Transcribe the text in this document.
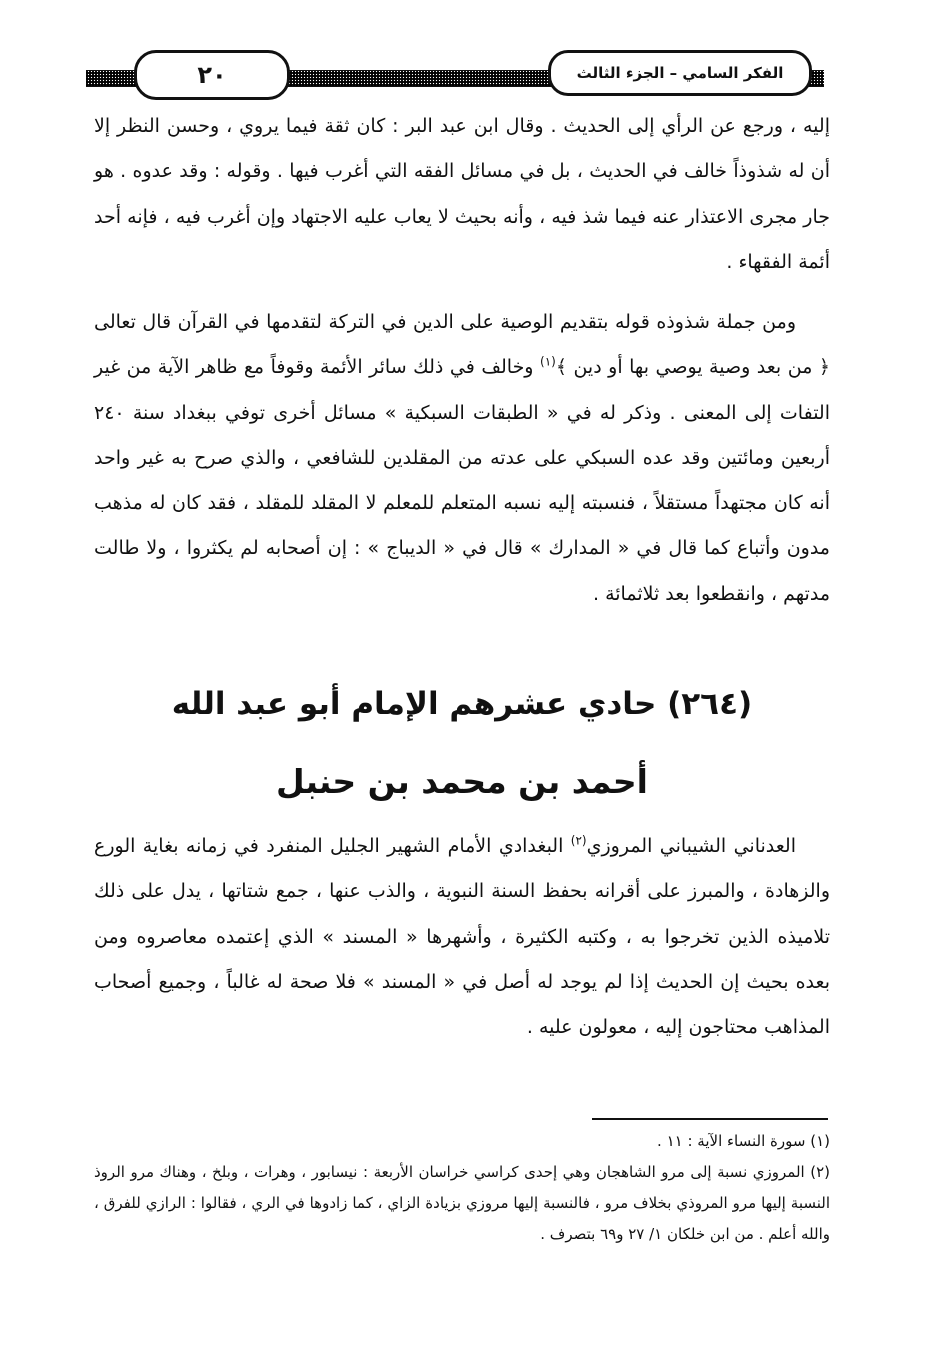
٢٠	الفكر السامي – الجزء الثالث

إليه ، ورجع عن الرأي إلى الحديث . وقال ابن عبد البر : كان ثقة فيما يروي ، وحسن النظر إلا أن له شذوذاً خالف في الحديث ، بل في مسائل الفقه التي أغرب فيها . وقوله : وقد عدوه . هو جار مجرى الاعتذار عنه فيما شذ فيه ، وأنه بحيث لا يعاب عليه الاجتهاد وإن أغرب فيه ، فإنه أحد أئمة الفقهاء .

ومن جملة شذوذه قوله بتقديم الوصية على الدين في التركة لتقدمها في القرآن قال تعالى ﴿ من بعد وصية يوصي بها أو دين ﴾$^{(١)}$ وخالف في ذلك سائر الأئمة وقوفاً مع ظاهر الآية من غير التفات إلى المعنى . وذكر له في « الطبقات السبكية » مسائل أخرى توفي ببغداد سنة ٢٤٠ أربعين ومائتين وقد عده السبكي على عدته من المقلدين للشافعي ، والذي صرح به غير واحد أنه كان مجتهداً مستقلاً ، فنسبته إليه نسبه المتعلم للمعلم لا المقلد للمقلد ، فقد كان له مذهب مدون وأتباع كما قال في « المدارك » قال في « الديباج » : إن أصحابه لم يكثروا ، ولا طالت مدتهم ، وانقطعوا بعد ثلاثمائة .

(٢٦٤) حادي عشرهم الإمام أبو عبد الله
أحمد بن محمد بن حنبل

العدناني الشيباني المروزي$^{(٢)}$ البغدادي الأمام الشهير الجليل المنفرد في زمانه بغاية الورع والزهادة ، والمبرز على أقرانه بحفظ السنة النبوية ، والذب عنها ، جمع شتاتها ، يدل على ذلك تلاميذه الذين تخرجوا به ، وكتبه الكثيرة ، وأشهرها « المسند » الذي إعتمده معاصروه ومن بعده بحيث إن الحديث إذا لم يوجد له أصل في « المسند » فلا صحة له غالباً ، وجميع أصحاب المذاهب محتاجون إليه ، معولون عليه .

(١) سورة النساء الآية : ١١ .

(٢) المروزي نسبة إلى مرو الشاهجان وهي إحدى كراسي خراسان الأربعة : نيسابور ، وهرات ، وبلخ ، وهناك مرو الروذ النسبة إليها مرو المروذي بخلاف مرو ، فالنسبة إليها مروزي بزيادة الزاي ، كما زادوها في الري ، فقالوا : الرازي للفرق ، والله أعلم . من ابن خلكان ١/ ٢٧ و٦٩ بتصرف .
